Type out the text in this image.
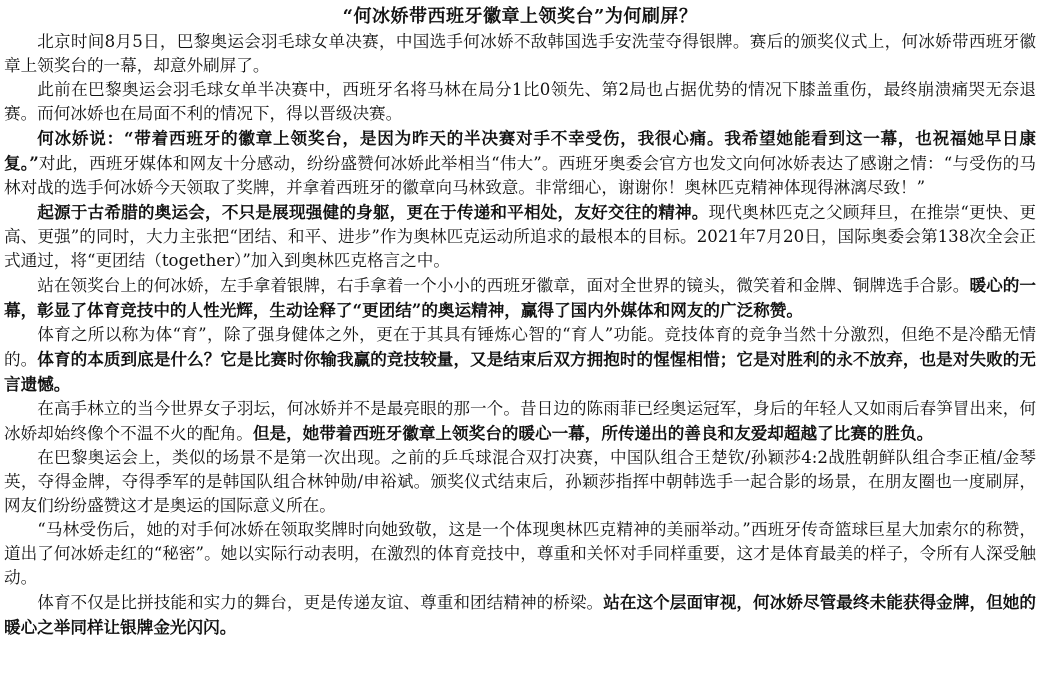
“何冰娇带西班牙徽章上领奖台”为何刷屏？

北京时间8月5日，巴黎奥运会羽毛球女单决赛，中国选手何冰娇不敌韩国选手安洗莹夺得银牌。赛后的颁奖仪式上，何冰娇带西班牙徽章上领奖台的一幕，却意外刷屏了。

此前在巴黎奥运会羽毛球女单半决赛中，西班牙名将马林在局分1比0领先、第2局也占据优势的情况下膝盖重伤，最终崩溃痛哭无奈退赛。而何冰娇也在局面不利的情况下，得以晋级决赛。

何冰娇说：“带着西班牙的徽章上领奖台，是因为昨天的半决赛对手不幸受伤，我很心痛。我希望她能看到这一幕，也祝福她早日康复。”对此，西班牙媒体和网友十分感动，纷纷盛赞何冰娇此举相当“伟大”。西班牙奥委会官方也发文向何冰娇表达了感谢之情：“与受伤的马林对战的选手何冰娇今天领取了奖牌，并拿着西班牙的徽章向马林致意。非常细心，谢谢你！奥林匹克精神体现得淋漓尽致！”

起源于古希腊的奥运会，不只是展现强健的身躯，更在于传递和平相处，友好交往的精神。现代奥林匹克之父顾拜旦，在推崇“更快、更高、更强”的同时，大力主张把“团结、和平、进步”作为奥林匹克运动所追求的最根本的目标。2021年7月20日，国际奥委会第138次全会正式通过，将“更团结（together）”加入到奥林匹克格言之中。

站在领奖台上的何冰娇，左手拿着银牌，右手拿着一个小小的西班牙徽章，面对全世界的镜头，微笑着和金牌、铜牌选手合影。暖心的一幕，彰显了体育竞技中的人性光辉，生动诠释了“更团结”的奥运精神，赢得了国内外媒体和网友的广泛称赞。

体育之所以称为体“育”，除了强身健体之外，更在于其具有锤炼心智的“育人”功能。竞技体育的竞争当然十分激烈，但绝不是冷酷无情的。体育的本质到底是什么？它是比赛时你输我赢的竞技较量，又是结束后双方拥抱时的惺惺相惜；它是对胜利的永不放弃，也是对失败的无言遗憾。

在高手林立的当今世界女子羽坛，何冰娇并不是最亮眼的那一个。昔日边的陈雨菲已经奥运冠军，身后的年轻人又如雨后春笋冒出来，何冰娇却始终像个不温不火的配角。但是，她带着西班牙徽章上领奖台的暖心一幕，所传递出的善良和友爱却超越了比赛的胜负。

在巴黎奥运会上，类似的场景不是第一次出现。之前的乒乓球混合双打决赛，中国队组合王楚钦/孙颖莎4:2战胜朝鲜队组合李正植/金琴英，夺得金牌，夺得季军的是韩国队组合林钟勋/申裕斌。颁奖仪式结束后，孙颖莎指挥中朝韩选手一起合影的场景，在朋友圈也一度刷屏，网友们纷纷盛赞这才是奥运的国际意义所在。

“马林受伤后，她的对手何冰娇在领取奖牌时向她致敬，这是一个体现奥林匹克精神的美丽举动。”西班牙传奇篮球巨星大加索尔的称赞，道出了何冰娇走红的“秘密”。她以实际行动表明，在激烈的体育竞技中，尊重和关怀对手同样重要，这才是体育最美的样子，令所有人深受触动。

体育不仅是比拼技能和实力的舞台，更是传递友谊、尊重和团结精神的桥梁。站在这个层面审视，何冰娇尽管最终未能获得金牌，但她的暖心之举同样让银牌金光闪闪。
